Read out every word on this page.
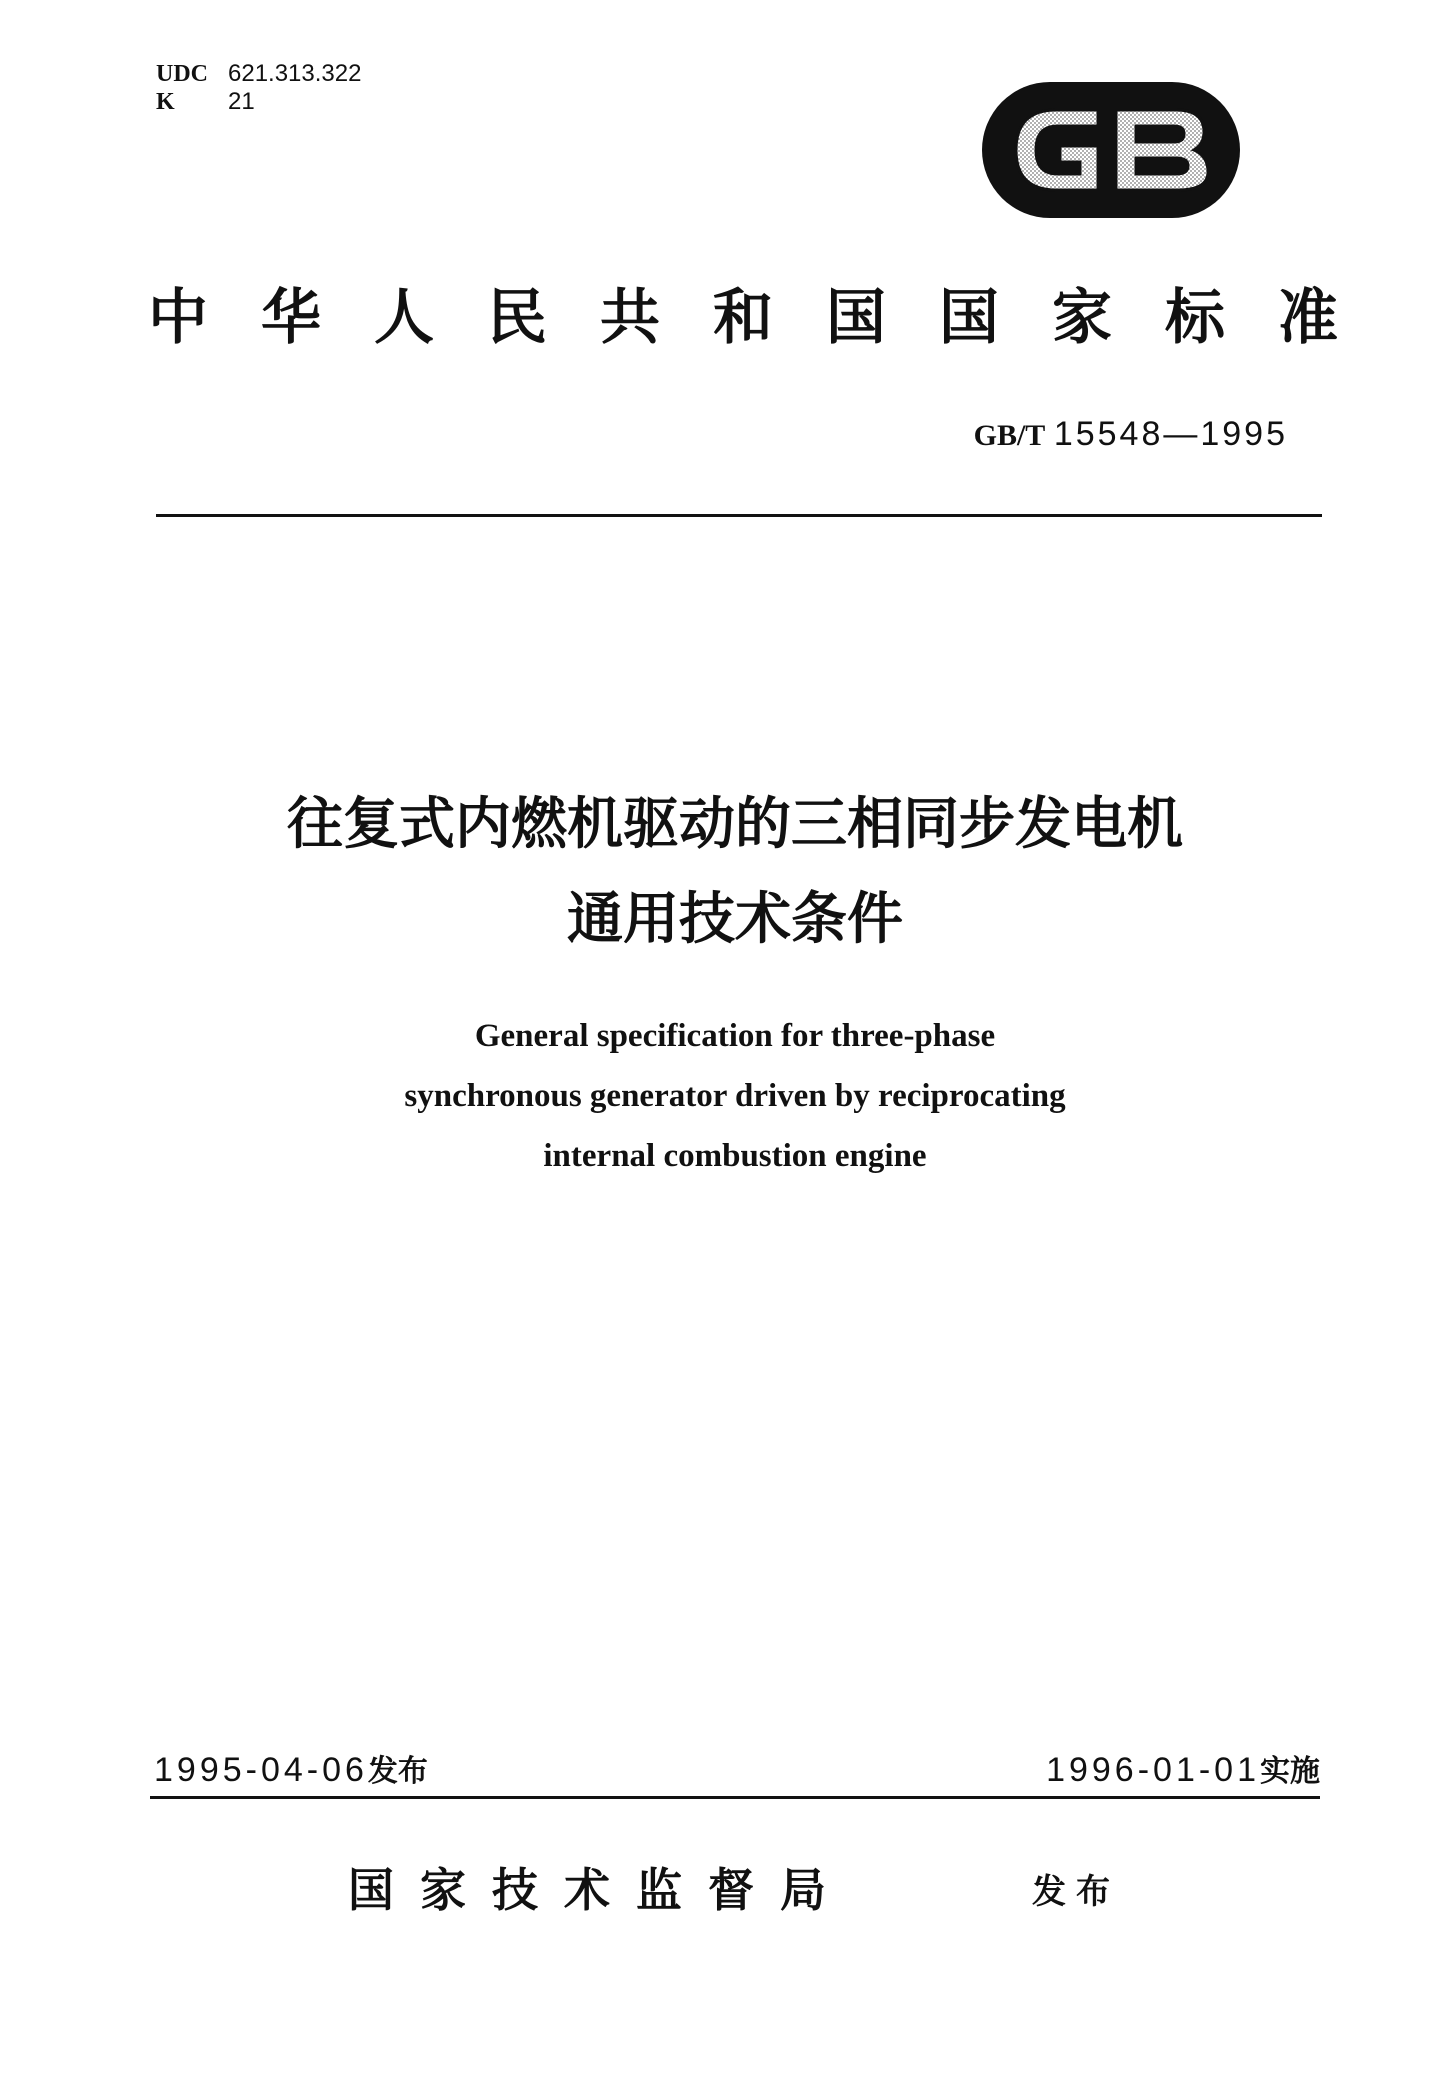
UDC 621.313.322
K 21
中华人民共和国国家标准
GB/T 15548—1995
往复式内燃机驱动的三相同步发电机
通用技术条件
General specification for three-phase
synchronous generator driven by reciprocating
internal combustion engine
1995-04-06发布	1996-01-01实施
国家技术监督局	发布
